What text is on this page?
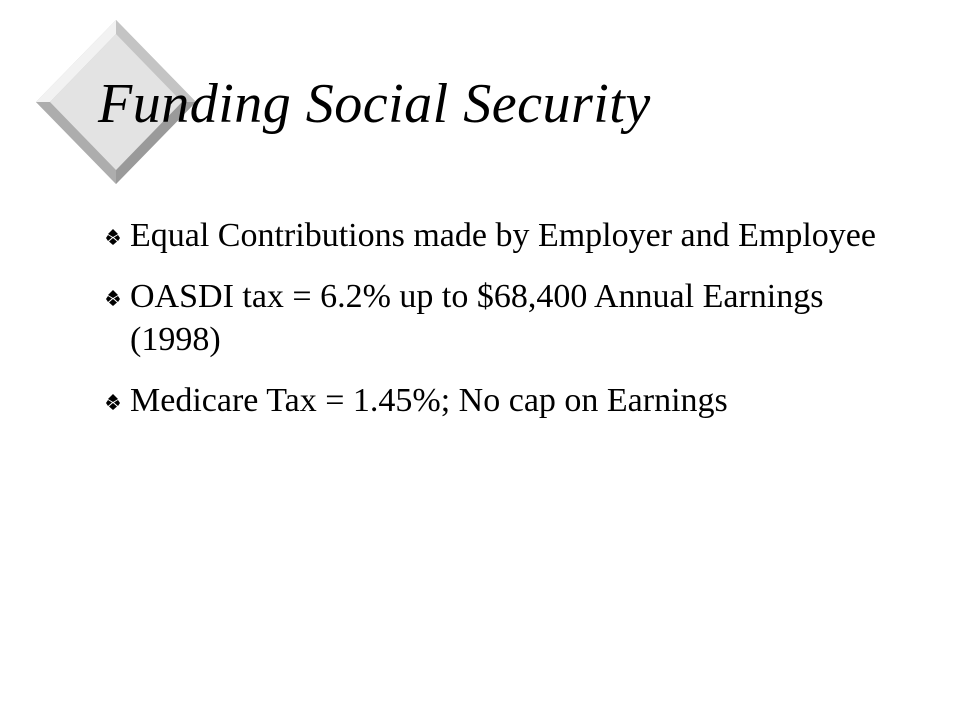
Funding Social Security
Equal Contributions made by Employer and Employee
OASDI tax = 6.2% up to $68,400 Annual Earnings (1998)
Medicare Tax = 1.45%; No cap on Earnings
